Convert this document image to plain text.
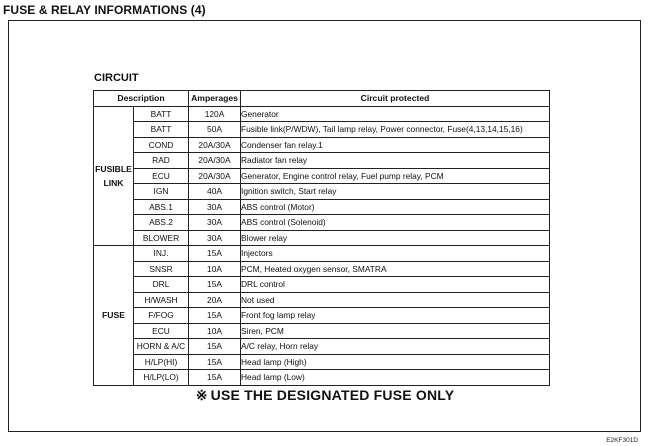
FUSE & RELAY INFORMATIONS (4)
CIRCUIT
Description		Amperages	Circuit protected

FUSIBLE
LINK	BATT	120A	Generator
	BATT	50A	Fusible link(P/WDW), Tail lamp relay, Power connector, Fuse(4,13,14,15,16)
	COND	20A/30A	Condenser fan relay.1
	RAD	20A/30A	Radiator fan relay
	ECU	20A/30A	Generator, Engine control relay, Fuel pump relay, PCM
	IGN	40A	Ignition switch, Start relay
	ABS.1	30A	ABS control (Motor)
	ABS.2	30A	ABS control (Solenoid)
	BLOWER	30A	Blower relay

FUSE	INJ.	15A	Injectors
	SNSR	10A	PCM, Heated oxygen sensor, SMATRA
	DRL	15A	DRL control
	H/WASH	20A	Not used
	F/FOG	15A	Front fog lamp relay
	ECU	10A	Siren, PCM
	HORN & A/C	15A	A/C relay, Horn relay
	H/LP(HI)	15A	Head lamp (High)
	H/LP(LO)	15A	Head lamp (Low)
※ USE THE DESIGNATED FUSE ONLY
E2KF301D
